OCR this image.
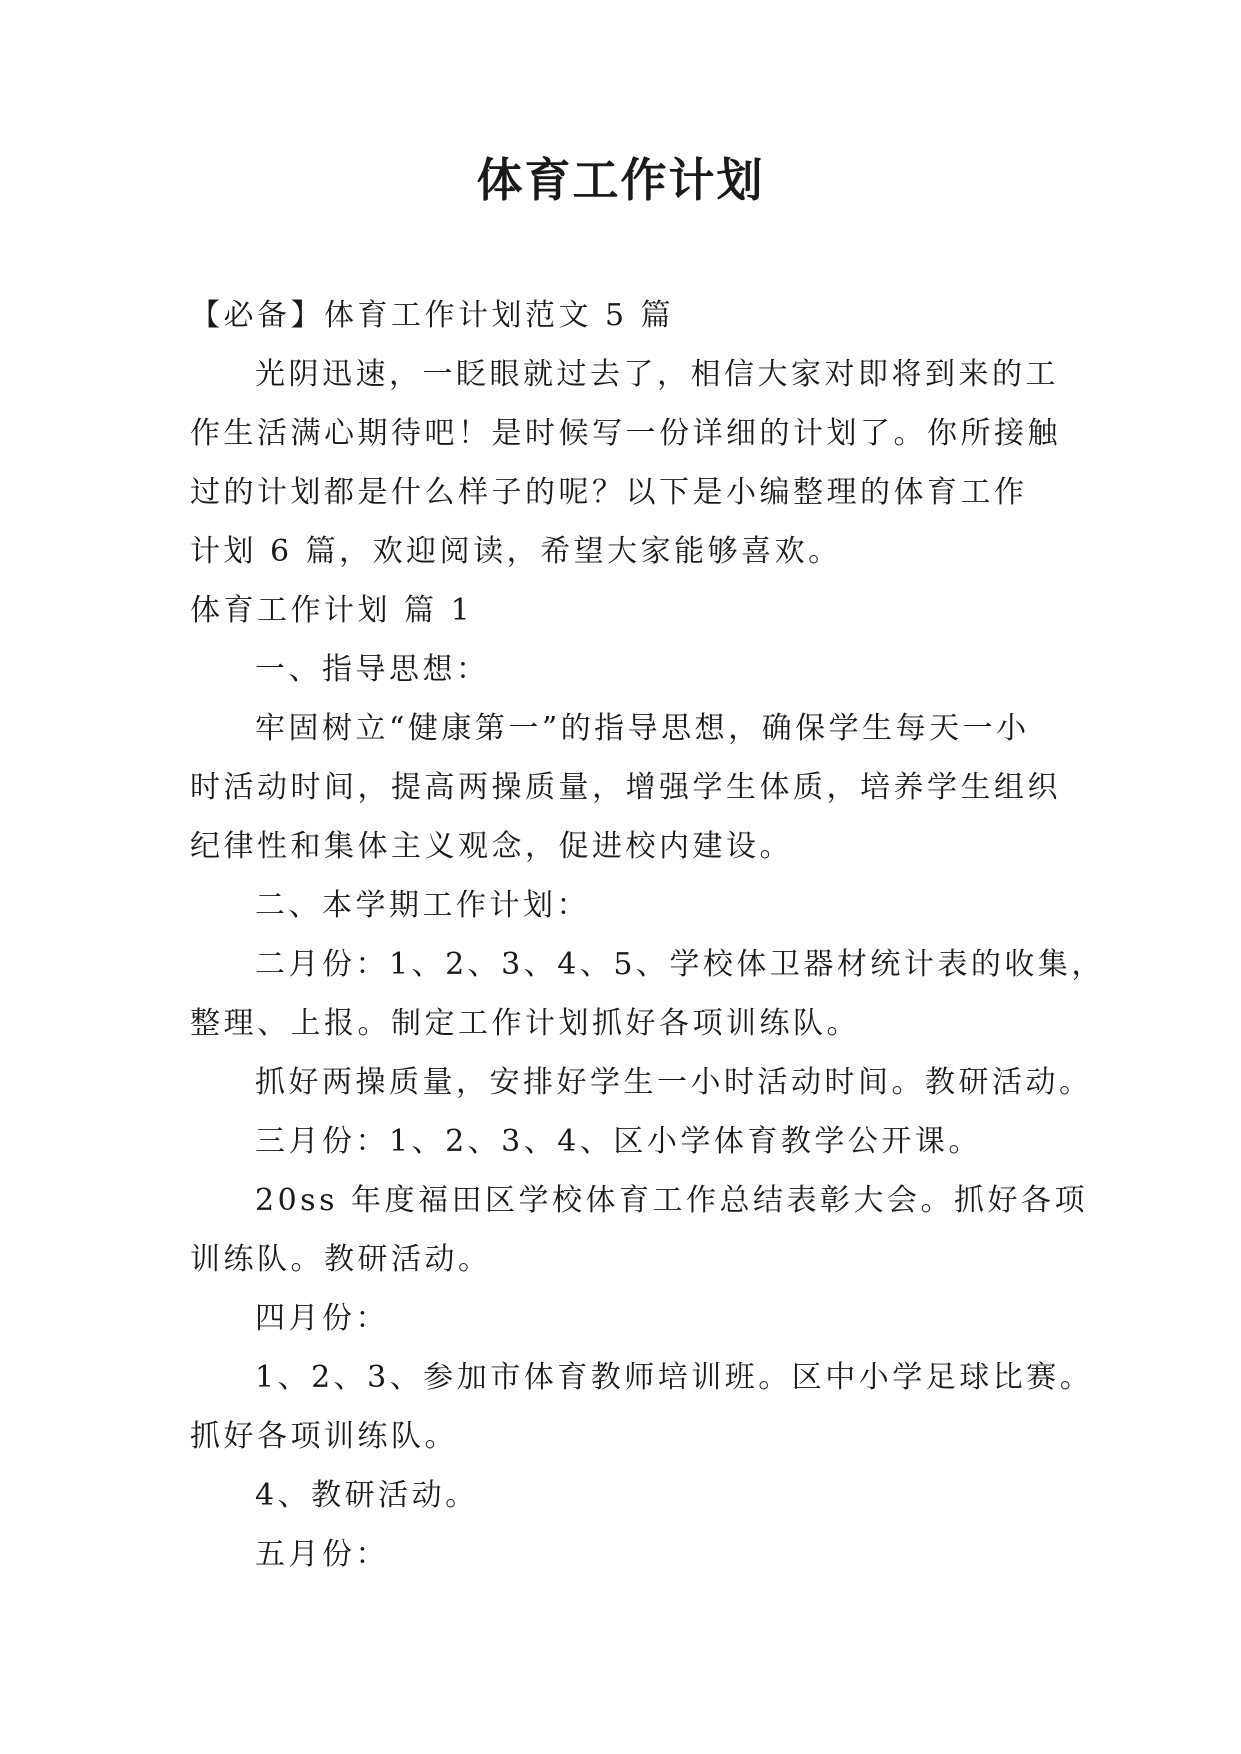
体育工作计划
【必备】体育工作计划范文 5 篇
光阴迅速，一眨眼就过去了，相信大家对即将到来的工
作生活满心期待吧！是时候写一份详细的计划了。你所接触
过的计划都是什么样子的呢？以下是小编整理的体育工作
计划 6 篇，欢迎阅读，希望大家能够喜欢。
体育工作计划 篇 1
一、指导思想：
牢固树立“健康第一”的指导思想，确保学生每天一小
时活动时间，提高两操质量，增强学生体质，培养学生组织
纪律性和集体主义观念，促进校内建设。
二、本学期工作计划：
二月份：1、2、3、4、5、学校体卫器材统计表的收集，
整理、上报。制定工作计划抓好各项训练队。
抓好两操质量，安排好学生一小时活动时间。教研活动。
三月份：1、2、3、4、区小学体育教学公开课。
20ss 年度福田区学校体育工作总结表彰大会。抓好各项
训练队。教研活动。
四月份：
1、2、3、参加市体育教师培训班。区中小学足球比赛。
抓好各项训练队。
4、教研活动。
五月份：
